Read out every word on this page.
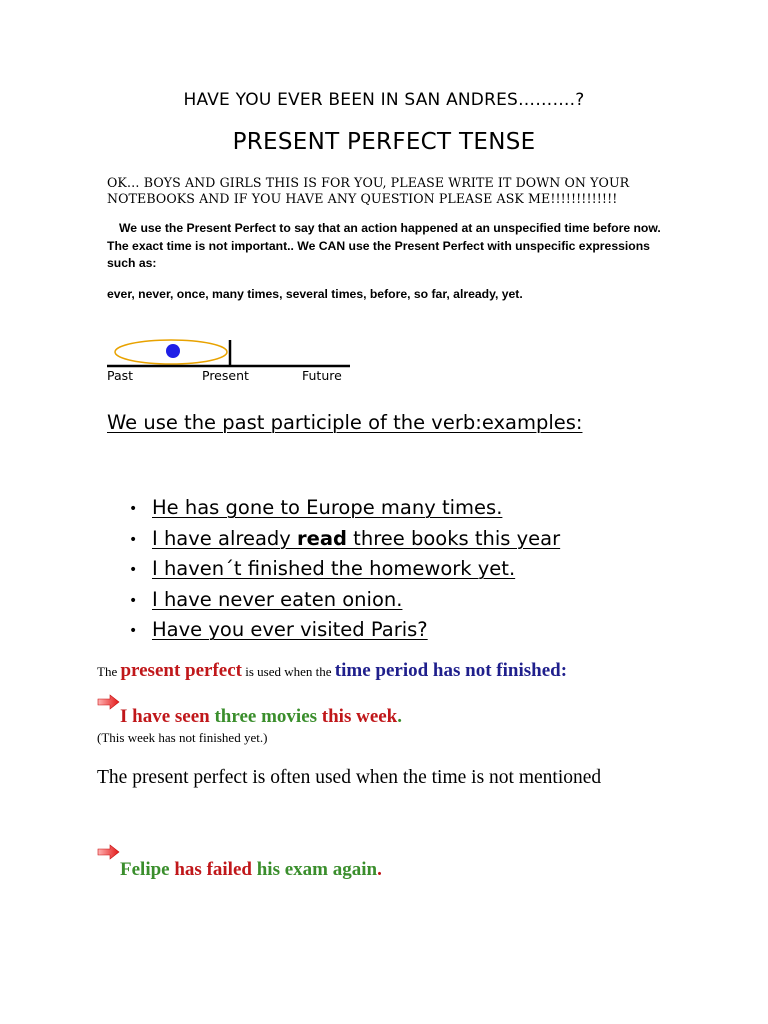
HAVE YOU EVER BEEN IN SAN ANDRES……….?
PRESENT PERFECT TENSE
OK… BOYS AND GIRLS THIS IS FOR YOU, PLEASE WRITE IT DOWN ON YOUR NOTEBOOKS AND IF YOU HAVE ANY QUESTION PLEASE ASK ME!!!!!!!!!!!!!
We use the Present Perfect to say that an action happened at an unspecified time before now. The exact time is not important.. We CAN use the Present Perfect with unspecific expressions such as:
ever, never, once, many times, several times, before, so far, already, yet.
Past	Present	Future
We use the past participle of the verb:examples:
• He has gone to Europe many times.
• I have already read three books this year
• I haven´t finished the homework yet.
• I have never eaten onion.
• Have you ever visited Paris?
The present perfect is used when the time period has not finished:
I have seen three movies this week.
(This week has not finished yet.)
The present perfect is often used when the time is not mentioned
Felipe has failed his exam again.
